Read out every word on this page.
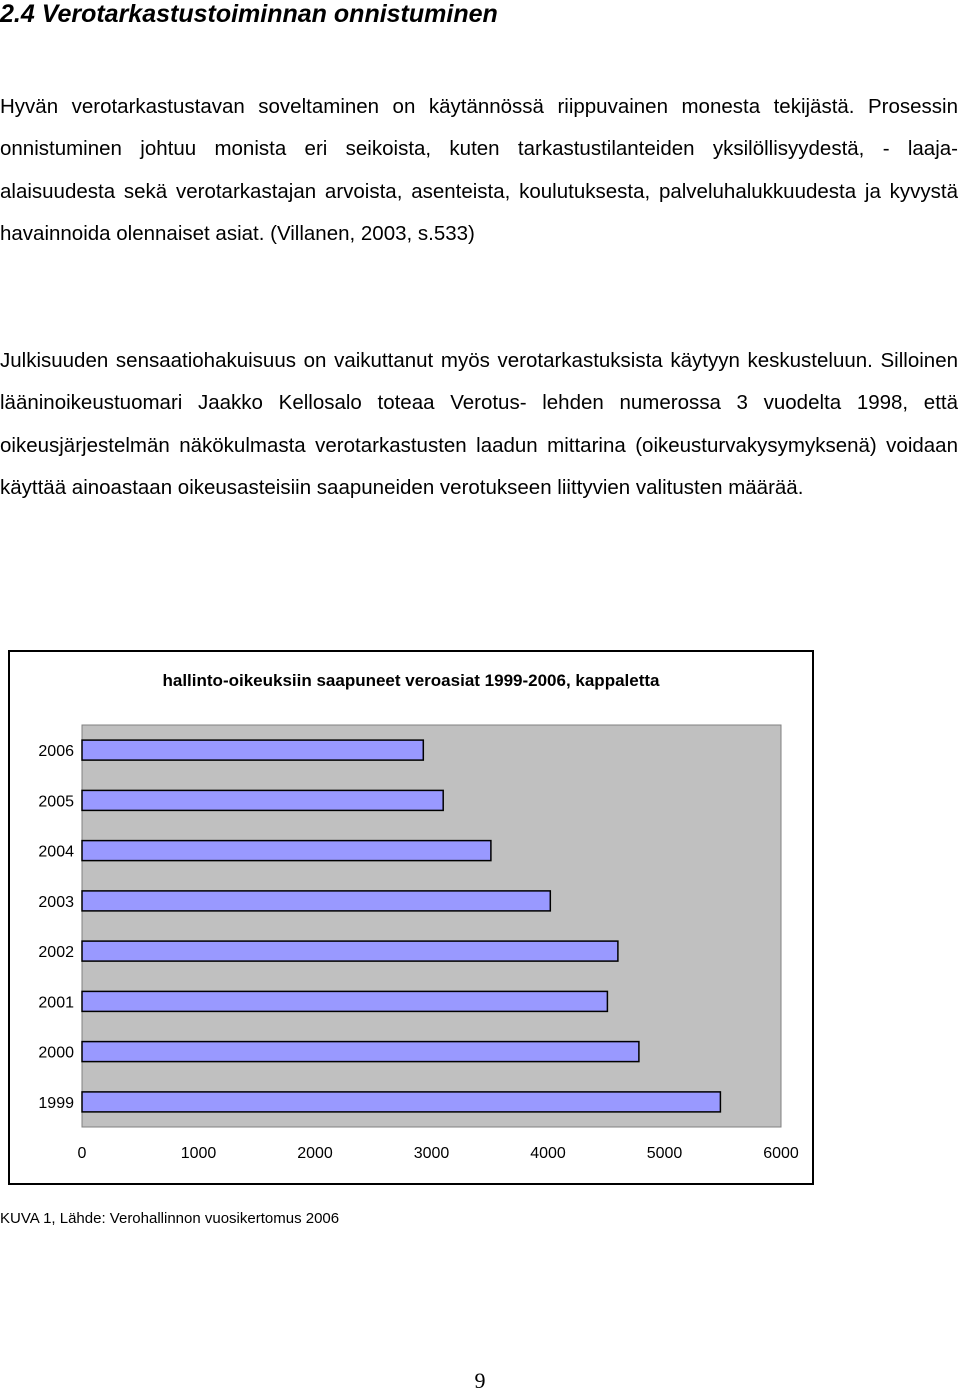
2.4 Verotarkastustoiminnan onnistuminen

Hyvän verotarkastustavan soveltaminen on käytännössä riippuvainen monesta tekijästä. Prosessin onnistuminen johtuu monista eri seikoista, kuten tarkastustilanteiden yksilöllisyydestä, - laaja-alaisuudesta sekä verotarkastajan arvoista, asenteista, koulutuksesta, palveluhalukkuudesta ja kyvystä havainnoida olennaiset asiat. (Villanen, 2003, s.533)

Julkisuuden sensaatiohakuisuus on vaikuttanut myös verotarkastuksista käytyyn keskusteluun. Silloinen lääninoikeustuomari Jaakko Kellosalo toteaa Verotus- lehden numerossa 3 vuodelta 1998, että oikeusjärjestelmän näkökulmasta verotarkastusten laadun mittarina (oikeusturvakysymyksenä) voidaan käyttää ainoastaan oikeusasteisiin saapuneiden verotukseen liittyvien valitusten määrää.

hallinto-oikeuksiin saapuneet veroasiat 1999-2006, kappaletta
2006
2005
2004
2003
2002
2001
2000
1999
0	1000	2000	3000	4000	5000	6000

KUVA 1, Lähde: Verohallinnon vuosikertomus 2006

9
